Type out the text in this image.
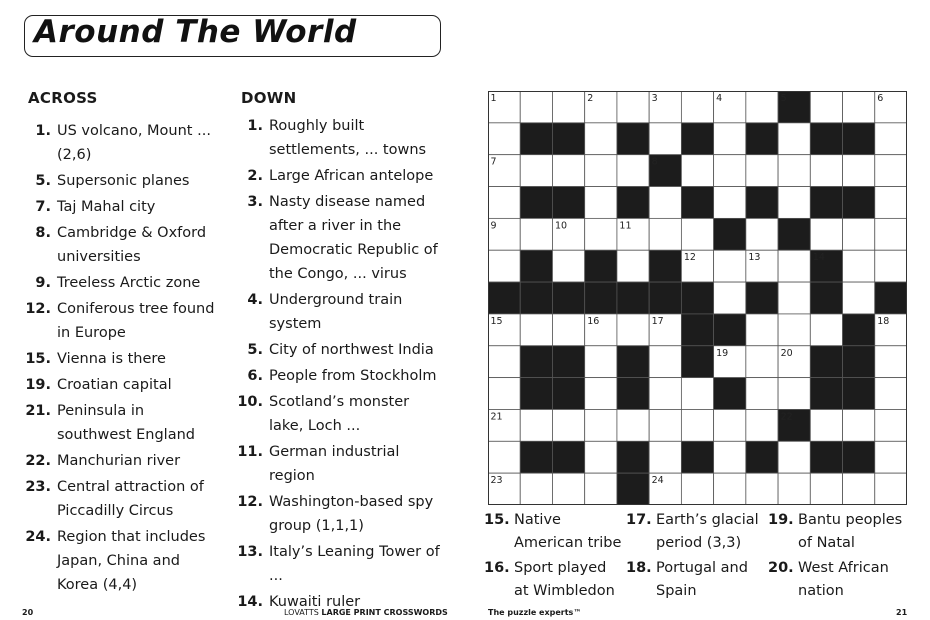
Around The World
ACROSS	DOWN
1. US volcano, Mount ... (2,6)
5. Supersonic planes
7. Taj Mahal city
8. Cambridge & Oxford universities
9. Treeless Arctic zone
12. Coniferous tree found in Europe
15. Vienna is there
19. Croatian capital
21. Peninsula in southwest England
22. Manchurian river
23. Central attraction of Piccadilly Circus
24. Region that includes Japan, China and Korea (4,4)
1. Roughly built settlements, ... towns
2. Large African antelope
3. Nasty disease named after a river in the Democratic Republic of the Congo, ... virus
4. Underground train system
5. City of northwest India
6. People from Stockholm
10. Scotland’s monster lake, Loch ...
11. German industrial region
12. Washington-based spy group (1,1,1)
13. Italy’s Leaning Tower of ...
14. Kuwaiti ruler
15. Native American tribe
16. Sport played at Wimbledon
17. Earth’s glacial period (3,3)
18. Portugal and Spain
19. Bantu peoples of Natal
20. West African nation
1	2	3	4	5	6
7	8
9	10	11
12	13	14
15	16	17	18
19	20
21	22
23	24
20	LOVATTS LARGE PRINT CROSSWORDS	The puzzle experts™	21
